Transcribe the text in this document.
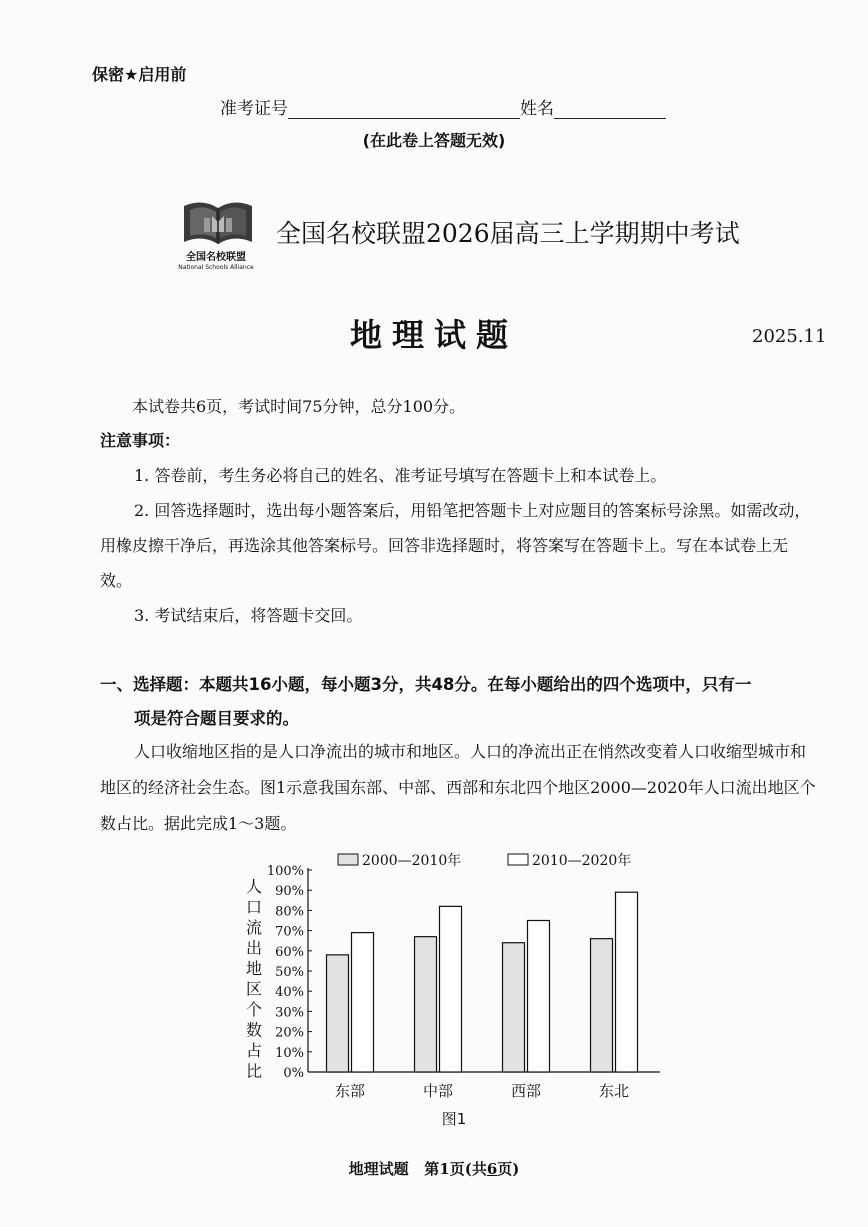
保密★启用前
准考证号	姓名
(在此卷上答题无效)
全国名校联盟
National Schools Alliance
全国名校联盟2026届高三上学期期中考试
地理试题	2025.11
本试卷共6页，考试时间75分钟，总分100分。
注意事项：
1. 答卷前，考生务必将自己的姓名、准考证号填写在答题卡上和本试卷上。
2. 回答选择题时，选出每小题答案后，用铅笔把答题卡上对应题目的答案标号涂黑。如需改动，用橡皮擦干净后，再选涂其他答案标号。回答非选择题时，将答案写在答题卡上。写在本试卷上无效。
3. 考试结束后，将答题卡交回。
一、选择题：本题共16小题，每小题3分，共48分。在每小题给出的四个选项中，只有一
项是符合题目要求的。
人口收缩地区指的是人口净流出的城市和地区。人口的净流出正在悄然改变着人口收缩型城市和地区的经济社会生态。图1示意我国东部、中部、西部和东北四个地区2000—2020年人口流出地区个数占比。据此完成1～3题。
0%
10%
20%
30%
40%
50%
60%
70%
80%
90%
100%
人
口
流
出
地
区
个
数
占
比
东部	中部	西部	东北
2000—2010年	2010—2020年
图1
地理试题 第1页(共6页)
